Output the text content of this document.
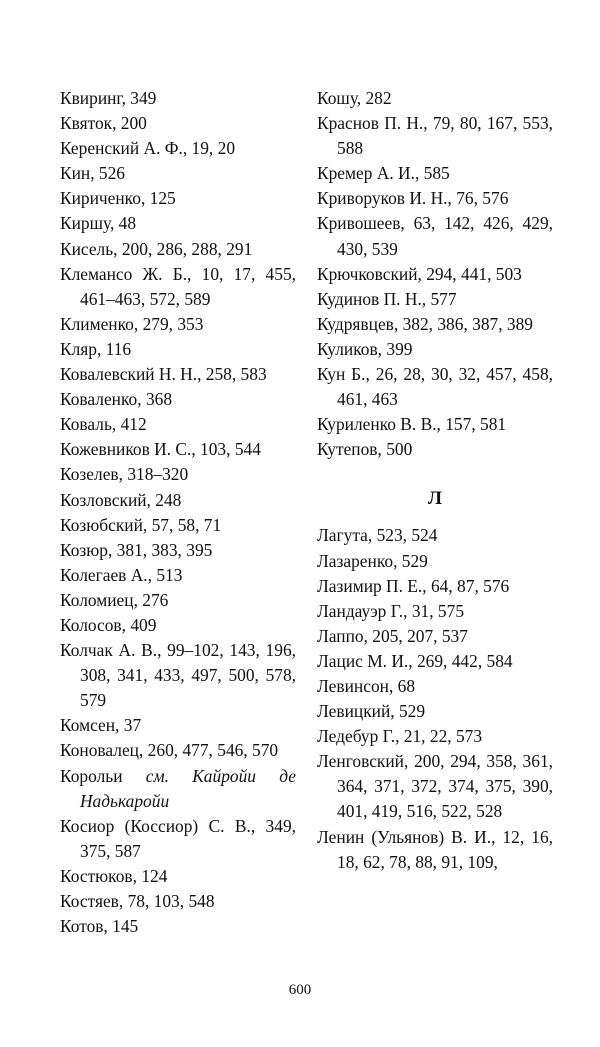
Квиринг, 349

Квяток, 200

Керенский А. Ф., 19, 20

Кин, 526

Кириченко, 125

Киршу, 48

Кисель, 200, 286, 288, 291

Клемансо Ж. Б., 10, 17, 455, 461–463, 572, 589

Клименко, 279, 353

Кляр, 116

Ковалевский Н. Н., 258, 583

Коваленко, 368

Коваль, 412

Кожевников И. С., 103, 544

Козелев, 318–320

Козловский, 248

Козюбский, 57, 58, 71

Козюр, 381, 383, 395

Колегаев А., 513

Коломиец, 276

Колосов, 409

Колчак А. В., 99–102, 143, 196, 308, 341, 433, 497, 500, 578, 579

Комсен, 37

Коновалец, 260, 477, 546, 570

Корольи см. Кайройи де Надькаройи

Косиор (Коссиор) С. В., 349, 375, 587

Костюков, 124

Костяев, 78, 103, 548

Котов, 145

Кошу, 282

Краснов П. Н., 79, 80, 167, 553, 588

Кремер А. И., 585

Криворуков И. Н., 76, 576

Кривошеев, 63, 142, 426, 429, 430, 539

Крючковский, 294, 441, 503

Кудинов П. Н., 577

Кудрявцев, 382, 386, 387, 389

Куликов, 399

Кун Б., 26, 28, 30, 32, 457, 458, 461, 463

Куриленко В. В., 157, 581

Кутепов, 500

Л

Лагута, 523, 524

Лазаренко, 529

Лазимир П. Е., 64, 87, 576

Ландауэр Г., 31, 575

Лаппо, 205, 207, 537

Лацис М. И., 269, 442, 584

Левинсон, 68

Левицкий, 529

Ледебур Г., 21, 22, 573

Ленговский, 200, 294, 358, 361, 364, 371, 372, 374, 375, 390, 401, 419, 516, 522, 528

Ленин (Ульянов) В. И., 12, 16, 18, 62, 78, 88, 91, 109,

600
